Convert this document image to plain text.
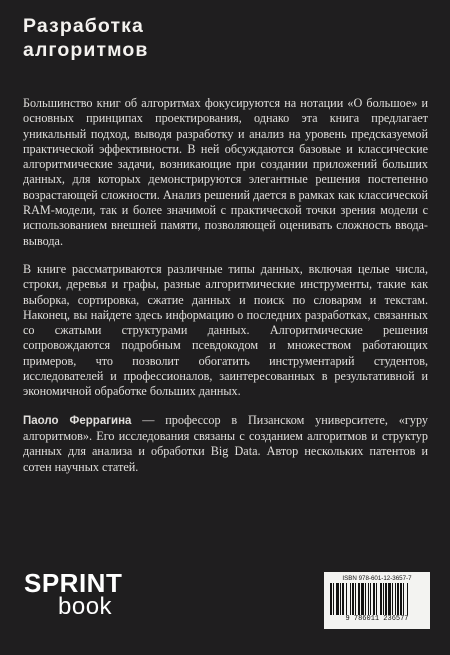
Разработка
алгоритмов

Большинство книг об алгоритмах фокусируются на нотации «О большое» и основных принципах проектирования, однако эта книга предлагает уникальный подход, выводя разработку и анализ на уровень предсказуемой практической эффективности. В ней обсуждаются базовые и классические алгоритмические задачи, возникающие при создании приложений больших данных, для которых демонстрируются элегантные решения постепенно возрастающей сложности. Анализ решений дается в рамках как классической RAM-модели, так и более значимой с практической точки зрения модели с использованием внешней памяти, позволяющей оценивать сложность ввода-вывода.

В книге рассматриваются различные типы данных, включая целые числа, строки, деревья и графы, разные алгоритмические инструменты, такие как выборка, сортировка, сжатие данных и поиск по словарям и текстам. Наконец, вы найдете здесь информацию о последних разработках, связанных со сжатыми структурами данных. Алгоритмические решения сопровождаются подробным псевдокодом и множеством работающих примеров, что позволит обогатить инструментарий студентов, исследователей и профессионалов, заинтересованных в результативной и экономичной обработке больших данных.

Паоло Феррагина — профессор в Пизанском университете, «гуру алгоритмов». Его исследования связаны с созданием алгоритмов и структур данных для анализа и обработки Big Data. Автор нескольких патентов и сотен научных статей.

SPRINT
book
ISBN 978-601-12-3657-7
9 786011 236577
